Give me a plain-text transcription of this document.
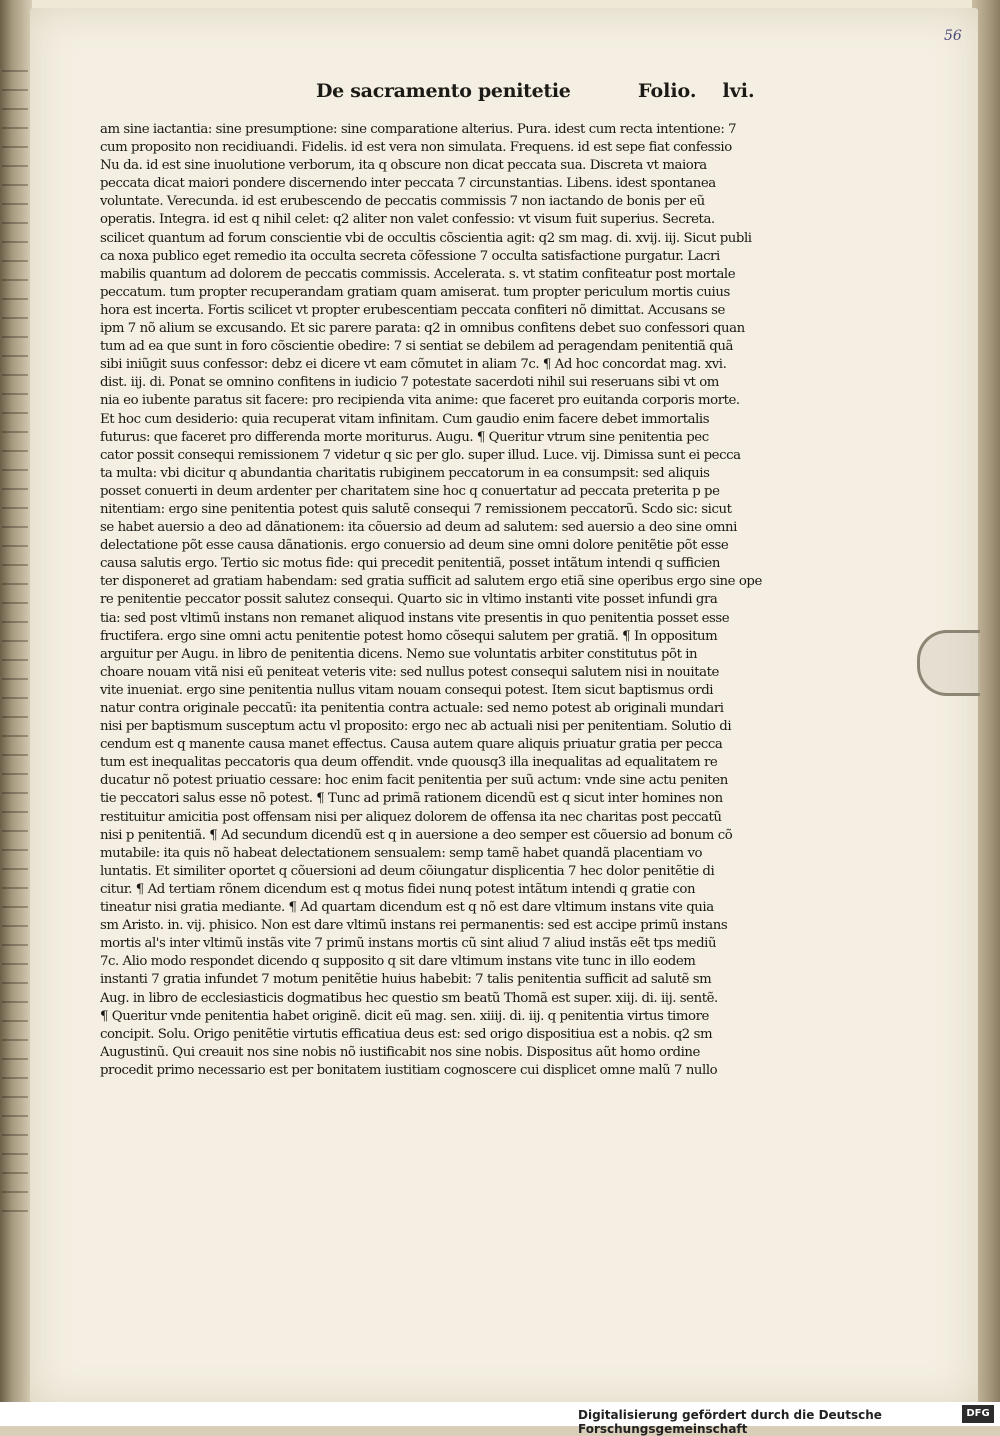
56
De sacramento penitetie	Folio. lvi.
am sine iactantia: sine presumptione: sine comparatione alterius. Pura. idest cum recta intentione: 7
cum proposito non recidiuandi. Fidelis. id est vera non simulata. Frequens. id est sepe fiat confessio
Nu da. id est sine inuolutione verborum, ita q obscure non dicat peccata sua. Discreta vt maiora
peccata dicat maiori pondere discernendo inter peccata 7 circunstantias. Libens. idest spontanea
voluntate. Verecunda. id est erubescendo de peccatis commissis 7 non iactando de bonis per eũ
operatis. Integra. id est q nihil celet: q2 aliter non valet confessio: vt visum fuit superius. Secreta.
scilicet quantum ad forum conscientie vbi de occultis cõscientia agit: q2 sm mag. di. xvij. iij. Sicut publi
ca noxa publico eget remedio ita occulta secreta cõfessione 7 occulta satisfactione purgatur. Lacri
mabilis quantum ad dolorem de peccatis commissis. Accelerata. s. vt statim confiteatur post mortale
peccatum. tum propter recuperandam gratiam quam amiserat. tum propter periculum mortis cuius
hora est incerta. Fortis scilicet vt propter erubescentiam peccata confiteri nõ dimittat. Accusans se
ipm 7 nõ alium se excusando. Et sic parere parata: q2 in omnibus confitens debet suo confessori quan
tum ad ea que sunt in foro cõscientie obedire: 7 si sentiat se debilem ad peragendam penitentiã quã
sibi iniũgit suus confessor: debz ei dicere vt eam cõmutet in aliam 7c. ¶ Ad hoc concordat mag. xvi.
dist. iij. di. Ponat se omnino confitens in iudicio 7 potestate sacerdoti nihil sui reseruans sibi vt om
nia eo iubente paratus sit facere: pro recipienda vita anime: que faceret pro euitanda corporis morte.
Et hoc cum desiderio: quia recuperat vitam infinitam. Cum gaudio enim facere debet immortalis
futurus: que faceret pro differenda morte moriturus. Augu. ¶ Queritur vtrum sine penitentia pec
cator possit consequi remissionem 7 videtur q sic per glo. super illud. Luce. vij. Dimissa sunt ei pecca
ta multa: vbi dicitur q abundantia charitatis rubiginem peccatorum in ea consumpsit: sed aliquis
posset conuerti in deum ardenter per charitatem sine hoc q conuertatur ad peccata preterita p pe
nitentiam: ergo sine penitentia potest quis salutẽ consequi 7 remissionem peccatorũ. Scdo sic: sicut
se habet auersio a deo ad dãnationem: ita cõuersio ad deum ad salutem: sed auersio a deo sine omni
delectatione põt esse causa dãnationis. ergo conuersio ad deum sine omni dolore penitẽtie põt esse
causa salutis ergo. Tertio sic motus fide: qui precedit penitentiã, posset intãtum intendi q sufficien
ter disponeret ad gratiam habendam: sed gratia sufficit ad salutem ergo etiã sine operibus ergo sine ope
re penitentie peccator possit salutez consequi. Quarto sic in vltimo instanti vite posset infundi gra
tia: sed post vltimũ instans non remanet aliquod instans vite presentis in quo penitentia posset esse
fructifera. ergo sine omni actu penitentie potest homo cõsequi salutem per gratiã. ¶ In oppositum
arguitur per Augu. in libro de penitentia dicens. Nemo sue voluntatis arbiter constitutus põt in
choare nouam vitã nisi eũ peniteat veteris vite: sed nullus potest consequi salutem nisi in nouitate
vite inueniat. ergo sine penitentia nullus vitam nouam consequi potest. Item sicut baptismus ordi
natur contra originale peccatũ: ita penitentia contra actuale: sed nemo potest ab originali mundari
nisi per baptismum susceptum actu vl proposito: ergo nec ab actuali nisi per penitentiam. Solutio di
cendum est q manente causa manet effectus. Causa autem quare aliquis priuatur gratia per pecca
tum est inequalitas peccatoris qua deum offendit. vnde quousq3 illa inequalitas ad equalitatem re
ducatur nõ potest priuatio cessare: hoc enim facit penitentia per suũ actum: vnde sine actu peniten
tie peccatori salus esse nõ potest. ¶ Tunc ad primã rationem dicendũ est q sicut inter homines non
restituitur amicitia post offensam nisi per aliquez dolorem de offensa ita nec charitas post peccatũ
nisi p penitentiã. ¶ Ad secundum dicendũ est q in auersione a deo semper est cõuersio ad bonum cõ
mutabile: ita quis nõ habeat delectationem sensualem: semp tamẽ habet quandã placentiam vo
luntatis. Et similiter oportet q cõuersioni ad deum cõiungatur displicentia 7 hec dolor penitẽtie di
citur. ¶ Ad tertiam rõnem dicendum est q motus fidei nunq potest intãtum intendi q gratie con
tineatur nisi gratia mediante. ¶ Ad quartam dicendum est q nõ est dare vltimum instans vite quia
sm Aristo. in. vij. phisico. Non est dare vltimũ instans rei permanentis: sed est accipe primũ instans
mortis al's inter vltimũ instãs vite 7 primũ instans mortis cũ sint aliud 7 aliud instãs eẽt tps mediũ
7c. Alio modo respondet dicendo q supposito q sit dare vltimum instans vite tunc in illo eodem
instanti 7 gratia infundet 7 motum penitẽtie huius habebit: 7 talis penitentia sufficit ad salutẽ sm
Aug. in libro de ecclesiasticis dogmatibus hec questio sm beatũ Thomã est super. xiij. di. iij. sentẽ.
¶ Queritur vnde penitentia habet originẽ. dicit eũ mag. sen. xiiij. di. iij. q penitentia virtus timore
concipit. Solu. Origo penitẽtie virtutis efficatiua deus est: sed origo dispositiua est a nobis. q2 sm
Augustinũ. Qui creauit nos sine nobis nõ iustificabit nos sine nobis. Dispositus aũt homo ordine
procedit primo necessario est per bonitatem iustitiam cognoscere cui displicet omne malũ 7 nullo
Digitalisierung gefördert durch die Deutsche Forschungsgemeinschaft
DFG
